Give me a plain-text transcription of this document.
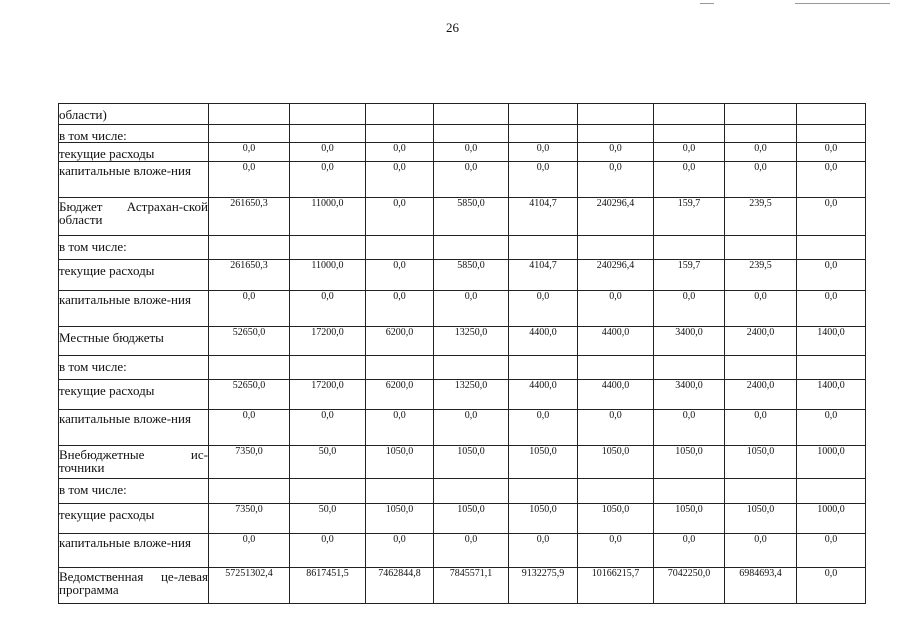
26
области)									
в том числе:									
текущие расходы	0,0	0,0	0,0	0,0	0,0	0,0	0,0	0,0	0,0
капитальные вложе-ния	0,0	0,0	0,0	0,0	0,0	0,0	0,0	0,0	0,0
Бюджет Астрахан-ской области	261650,3	11000,0	0,0	5850,0	4104,7	240296,4	159,7	239,5	0,0
в том числе:									
текущие расходы	261650,3	11000,0	0,0	5850,0	4104,7	240296,4	159,7	239,5	0,0
капитальные вложе-ния	0,0	0,0	0,0	0,0	0,0	0,0	0,0	0,0	0,0
Местные бюджеты	52650,0	17200,0	6200,0	13250,0	4400,0	4400,0	3400,0	2400,0	1400,0
в том числе:									
текущие расходы	52650,0	17200,0	6200,0	13250,0	4400,0	4400,0	3400,0	2400,0	1400,0
капитальные вложе-ния	0,0	0,0	0,0	0,0	0,0	0,0	0,0	0,0	0,0
Внебюджетные ис-точники	7350,0	50,0	1050,0	1050,0	1050,0	1050,0	1050,0	1050,0	1000,0
в том числе:									
текущие расходы	7350,0	50,0	1050,0	1050,0	1050,0	1050,0	1050,0	1050,0	1000,0
капитальные вложе-ния	0,0	0,0	0,0	0,0	0,0	0,0	0,0	0,0	0,0
Ведомственная це-левая программа	57251302,4	8617451,5	7462844,8	7845571,1	9132275,9	10166215,7	7042250,0	6984693,4	0,0
